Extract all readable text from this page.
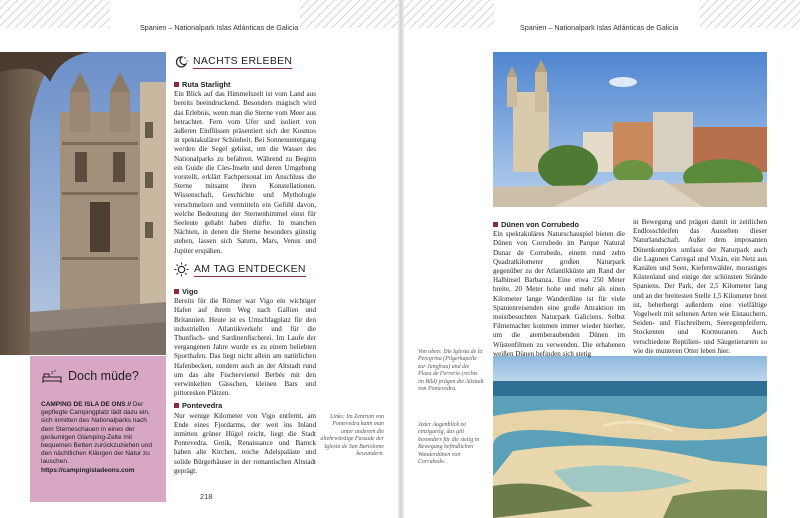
Spanien – Nationalpark Islas Atlánticas de Galicia	Spanien – Nationalpark Islas Atlánticas de Galicia
NACHTS ERLEBEN
Ruta Starlight

Ein Blick auf das Himmelszelt ist vom Land aus bereits beeindruckend. Besonders magisch wird das Erlebnis, wenn man die Sterne vom Meer aus betrachtet. Fern vom Ufer und isoliert von äußeren Einflüssen präsentiert sich der Kosmos in spektakulärer Schönheit. Bei Sonnenuntergang werden die Segel gehisst, um die Wasser des Nationalparks zu befahren. Während zu Beginn ein Guide die Cíes-Inseln und deren Umgebung vorstellt, erklärt Fachpersonal im Anschluss die Sterne mitsamt ihren Konstellationen. Wissenschaft, Geschichte und Mythologie verschmelzen und vermitteln ein Gefühl davon, welche Bedeutung der Sternenhimmel einst für Seeleute gehabt haben dürfte. In manchen Nächten, in denen die Sterne besonders günstig stehen, lassen sich Saturn, Mars, Venus und Jupiter erspähen.

AM TAG ENTDECKEN
Vigo

Bereits für die Römer war Vigo ein wichtiger Hafen auf ihrem Weg nach Gallien und Britannien. Heute ist es Umschlagplatz für den industriellen Atlantikverkehr und für die Thunfisch- und Sardinenfischerei. Im Laufe der vergangenen Jahre wurde es zu einem beliebten Sporthafen. Das liegt nicht allein am natürlichen Hafenbecken, sondern auch an der Altstadt rund um das alte Fischerviertel Berbés mit den verwinkelten Gässchen, kleinen Bars und pittoresken Plätzen.

Pontevedra

Nur wenige Kilometer von Vigo entfernt, am Ende eines Fjordarms, der weit ins Inland inmitten grüner Hügel reicht, liegt die Stadt Pontevedra. Gotik, Renaissance und Barock haben alte Kirchen, reiche Adelspaläste und solide Bürgerhäuser in der romantischen Altstadt geprägt.

Links: Im Zentrum von Pontevedra kann man unter anderem die altehrwürdige Fassade der Iglesia de San Bartolome bewundern.
218
z z Doch müde?
CAMPING DE ISLA DE ONS // Der gepflegte Campingplatz lädt dazu ein, sich inmitten des Nationalparks nach dem Sterneschauen in eines der geräumigen Glamping-Zelte mit bequemen Betten zurückzuziehen und den nächtlichen Klängen der Natur zu lauschen.
https://campingisladeons.com
Dünen von Corrubedo

Ein spektakuläres Naturschauspiel bieten die Dünen von Corrubedo im Parque Natural Dunar de Corrubedo, einem rund zehn Quadratkilometer großen Naturpark gegenüber zu der Atlantikküste am Rand der Halbinsel Barbanza. Eine etwa 250 Meter breite, 20 Meter hohe und mehr als einen Kilometer lange Wanderdüne ist für viele Spanienreisenden eine große Attraktion im meistbesuchten Naturpark Galiciens. Selbst Filmemacher kommen immer wieder hierher, um die atemberaubenden Dünen im Wüstenfilmen zu verwenden. Die erhabenen weißen Dünen befinden sich stetig

in Bewegung und prägen damit in zeitlichen Endlosschleifen das Aussehen dieser Naturlandschaft. Außer dem imposanten Dünenkomplex umfasst der Naturpark auch die Lagunen Carregal und Vixán, ein Netz aus Kanälen und Seen, Kiefernwälder, morastiges Küstenland und einige der schönsten Strände Spaniens. Der Park, der 2,5 Kilometer lang und an der breitesten Stelle 1,5 Kilometer breit ist, beherbergt außerdem eine vielfältige Vogelwelt mit seltenen Arten wie Eistauchern, Seiden- und Fischreihern, Seeregenpfeifern, Stockenten und Kormoranen. Auch verschiedene Reptilien- und Säugetierarten so wie die munteren Otter leben hier.

Von oben: Die Iglesia de la Peregrina (Pilgerkapelle zur Jungfrau) und die Plaza de Ferrería (rechts im Bild) prägen die Altstadt von Pontevedra.
Jeder Augenblick ist einzigartig, das gilt besonders für die stetig in Bewegung befindlichen Wanderdünen von Corrubedo.
